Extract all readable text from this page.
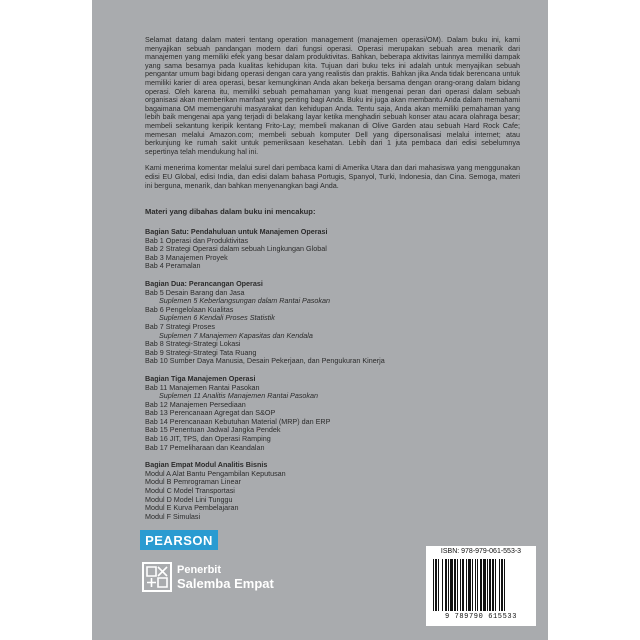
Selamat datang dalam materi tentang operation management (manajemen operasi/OM). Dalam buku ini, kami menyajikan sebuah pandangan modern dari fungsi operasi. Operasi merupakan sebuah area menarik dari manajemen yang memiliki efek yang besar dalam produktivitas. Bahkan, beberapa aktivitas lainnya memiliki dampak yang sama besarnya pada kualitas kehidupan kita. Tujuan dari buku teks ini adalah untuk menyajikan sebuah pengantar umum bagi bidang operasi dengan cara yang realistis dan praktis. Bahkan jika Anda tidak berencana untuk memiliki karier di area operasi, besar kemungkinan Anda akan bekerja bersama dengan orang-orang dalam bidang operasi. Oleh karena itu, memiliki sebuah pemahaman yang kuat mengenai peran dari operasi dalam sebuah organisasi akan memberikan manfaat yang penting bagi Anda. Buku ini juga akan membantu Anda dalam memahami bagaimana OM memengaruhi masyarakat dan kehidupan Anda. Tentu saja, Anda akan memiliki pemahaman yang lebih baik mengenai apa yang terjadi di belakang layar ketika menghadiri sebuah konser atau acara olahraga besar; membeli sekantung keripik kentang Frito-Lay; membeli makanan di Olive Garden atau sebuah Hard Rock Cafe; memesan melalui Amazon.com; membeli sebuah komputer Dell yang dipersonalisasi melalui internet; atau berkunjung ke rumah sakit untuk pemeriksaan kesehatan. Lebih dari 1 juta pembaca dari edisi sebelumnya sepertinya telah mendukung hal ini.

Kami menerima komentar melalui surel dari pembaca kami di Amerika Utara dan dari mahasiswa yang menggunakan edisi EU Global, edisi India, dan edisi dalam bahasa Portugis, Spanyol, Turki, Indonesia, dan Cina. Semoga, materi ini berguna, menarik, dan bahkan menyenangkan bagi Anda.

Materi yang dibahas dalam buku ini mencakup:
Bagian Satu: Pendahuluan untuk Manajemen Operasi
Bab 1 Operasi dan Produktivitas
Bab 2 Strategi Operasi dalam sebuah Lingkungan Global
Bab 3 Manajemen Proyek
Bab 4 Peramalan
Bagian Dua: Perancangan Operasi
Bab 5 Desain Barang dan Jasa
Suplemen 5 Keberlangsungan dalam Rantai Pasokan
Bab 6 Pengelolaan Kualitas
Suplemen 6 Kendali Proses Statistik
Bab 7 Strategi Proses
Suplemen 7 Manajemen Kapasitas dan Kendala
Bab 8 Strategi-Strategi Lokasi
Bab 9 Strategi-Strategi Tata Ruang
Bab 10 Sumber Daya Manusia, Desain Pekerjaan, dan Pengukuran Kinerja
Bagian Tiga Manajemen Operasi
Bab 11 Manajemen Rantai Pasokan
Suplemen 11 Analitis Manajemen Rantai Pasokan
Bab 12 Manajemen Persediaan
Bab 13 Perencanaan Agregat dan S&OP
Bab 14 Perencanaan Kebutuhan Material (MRP) dan ERP
Bab 15 Penentuan Jadwal Jangka Pendek
Bab 16 JIT, TPS, dan Operasi Ramping
Bab 17 Pemeliharaan dan Keandalan
Bagian Empat Modul Analitis Bisnis
Modul A Alat Bantu Pengambilan Keputusan
Modul B Pemrograman Linear
Modul C Model Transportasi
Modul D Model Lini Tunggu
Modul E Kurva Pembelajaran
Modul F Simulasi
PEARSON
Penerbit
Salemba Empat
ISBN: 978-979-061-553-3
9 789790 615533
